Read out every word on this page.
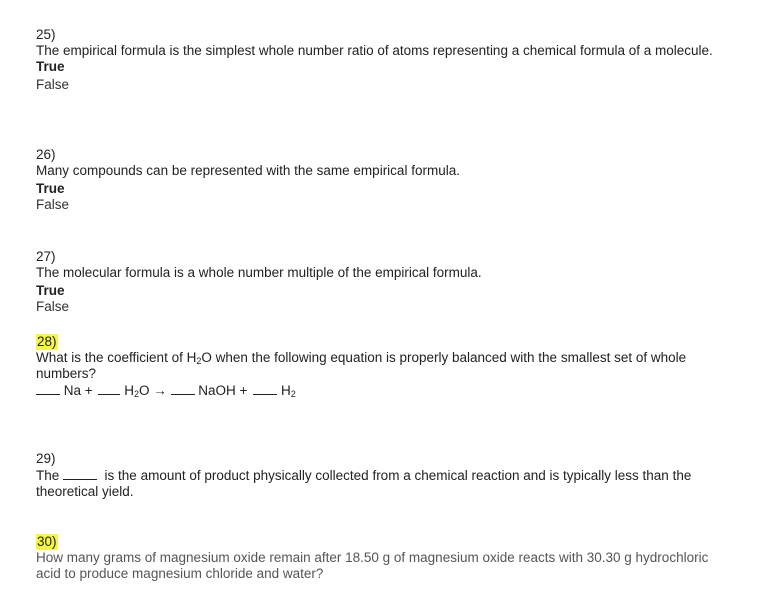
25)
The empirical formula is the simplest whole number ratio of atoms representing a chemical formula of a molecule.
True
False
26)
Many compounds can be represented with the same empirical formula.
True
False
27)
The molecular formula is a whole number multiple of the empirical formula.
True
False
28)
What is the coefficient of $H_2O$ when the following equation is properly balanced with the smallest set of whole numbers?
$Na + H_2O$ → NaOH + $H_2$
29)
The	is the amount of product physically collected from a chemical reaction and is typically less than the theoretical yield.
30)
How many grams of magnesium oxide remain after 18.50 g of magnesium oxide reacts with 30.30 g hydrochloric acid to produce magnesium chloride and water?
